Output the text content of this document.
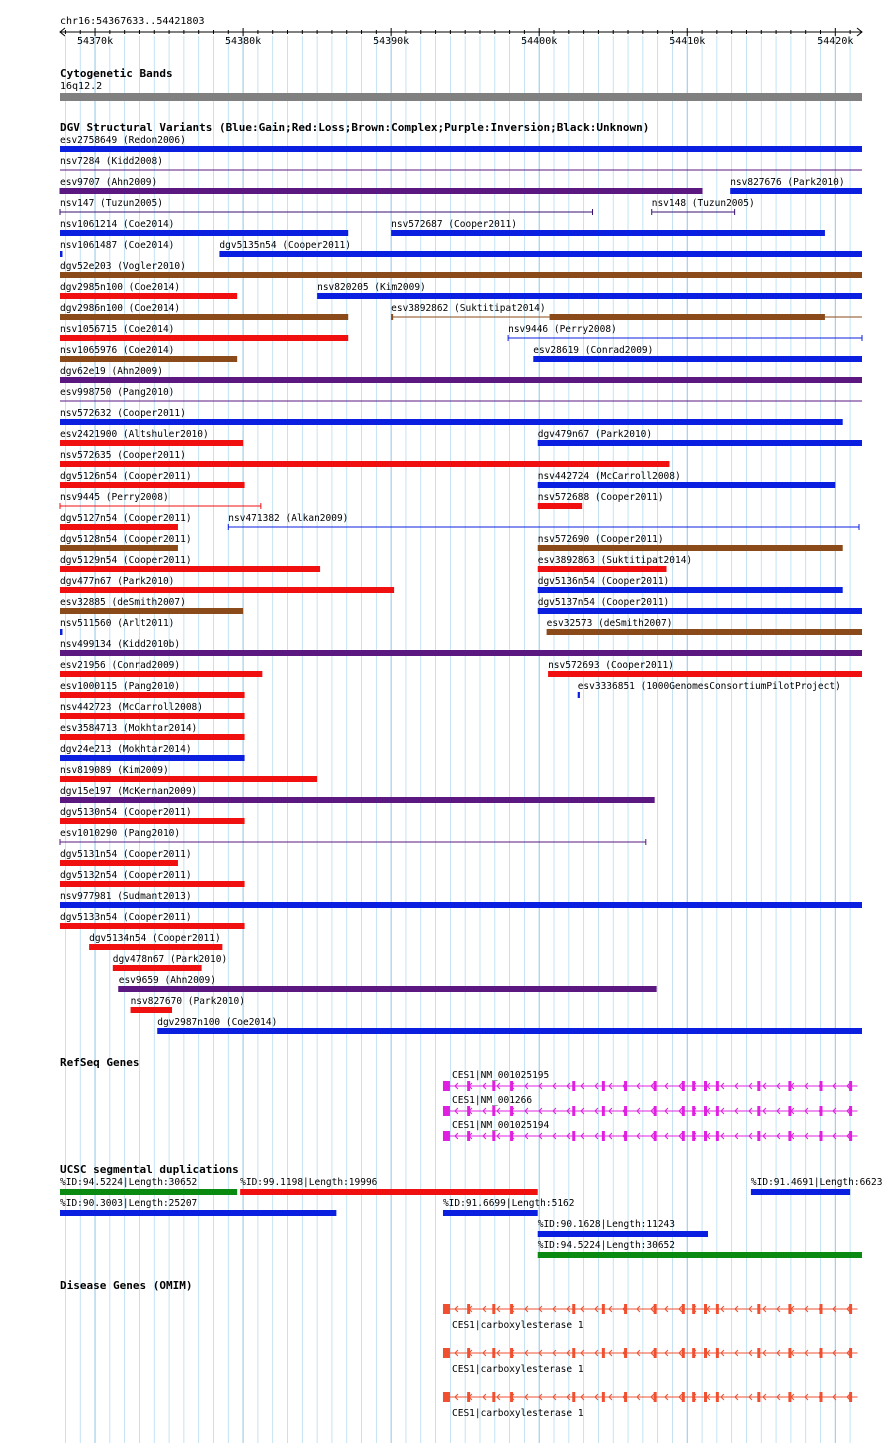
chr16:54367633..54421803
54370k	54380k	54390k	54400k	54410k	54420k
Cytogenetic Bands
16q12.2
DGV Structural Variants (Blue:Gain;Red:Loss;Brown:Complex;Purple:Inversion;Black:Unknown)
esv2758649 (Redon2006)
nsv7284 (Kidd2008)
esv9707 (Ahn2009)	nsv827676 (Park2010)
nsv147 (Tuzun2005)	nsv148 (Tuzun2005)
nsv1061214 (Coe2014)	nsv572687 (Cooper2011)
nsv1061487 (Coe2014)	dgv5135n54 (Cooper2011)
dgv52e203 (Vogler2010)
dgv2985n100 (Coe2014)	nsv820205 (Kim2009)
dgv2986n100 (Coe2014)	esv3892862 (Suktitipat2014)
nsv1056715 (Coe2014)	nsv9446 (Perry2008)
nsv1065976 (Coe2014)	esv28619 (Conrad2009)
dgv62e19 (Ahn2009)
esv998750 (Pang2010)
nsv572632 (Cooper2011)
esv2421900 (Altshuler2010)	dgv479n67 (Park2010)
nsv572635 (Cooper2011)
dgv5126n54 (Cooper2011)	nsv442724 (McCarroll2008)
nsv9445 (Perry2008)	nsv572688 (Cooper2011)
dgv5127n54 (Cooper2011)	nsv471382 (Alkan2009)
dgv5128n54 (Cooper2011)	nsv572690 (Cooper2011)
dgv5129n54 (Cooper2011)	esv3892863 (Suktitipat2014)
dgv477n67 (Park2010)	dgv5136n54 (Cooper2011)
esv32885 (deSmith2007)	dgv5137n54 (Cooper2011)
nsv511560 (Arlt2011)	esv32573 (deSmith2007)
nsv499134 (Kidd2010b)
esv21956 (Conrad2009)	nsv572693 (Cooper2011)
esv1000115 (Pang2010)	esv3336851 (1000GenomesConsortiumPilotProject)
nsv442723 (McCarroll2008)
esv3584713 (Mokhtar2014)
dgv24e213 (Mokhtar2014)
nsv819089 (Kim2009)
dgv15e197 (McKernan2009)
dgv5130n54 (Cooper2011)
esv1010290 (Pang2010)
dgv5131n54 (Cooper2011)
dgv5132n54 (Cooper2011)
nsv977981 (Sudmant2013)
dgv5133n54 (Cooper2011)
dgv5134n54 (Cooper2011)
dgv478n67 (Park2010)
esv9659 (Ahn2009)
nsv827670 (Park2010)
dgv2987n100 (Coe2014)
RefSeq Genes
CES1|NM_001025195
CES1|NM_001266
CES1|NM_001025194
UCSC segmental duplications
%ID:94.5224|Length:30652	%ID:99.1198|Length:19996	%ID:91.4691|Length:6623
%ID:90.3003|Length:25207	%ID:91.6699|Length:5162
%ID:90.1628|Length:11243
%ID:94.5224|Length:30652
Disease Genes (OMIM)
CES1|carboxylesterase 1
CES1|carboxylesterase 1
CES1|carboxylesterase 1
